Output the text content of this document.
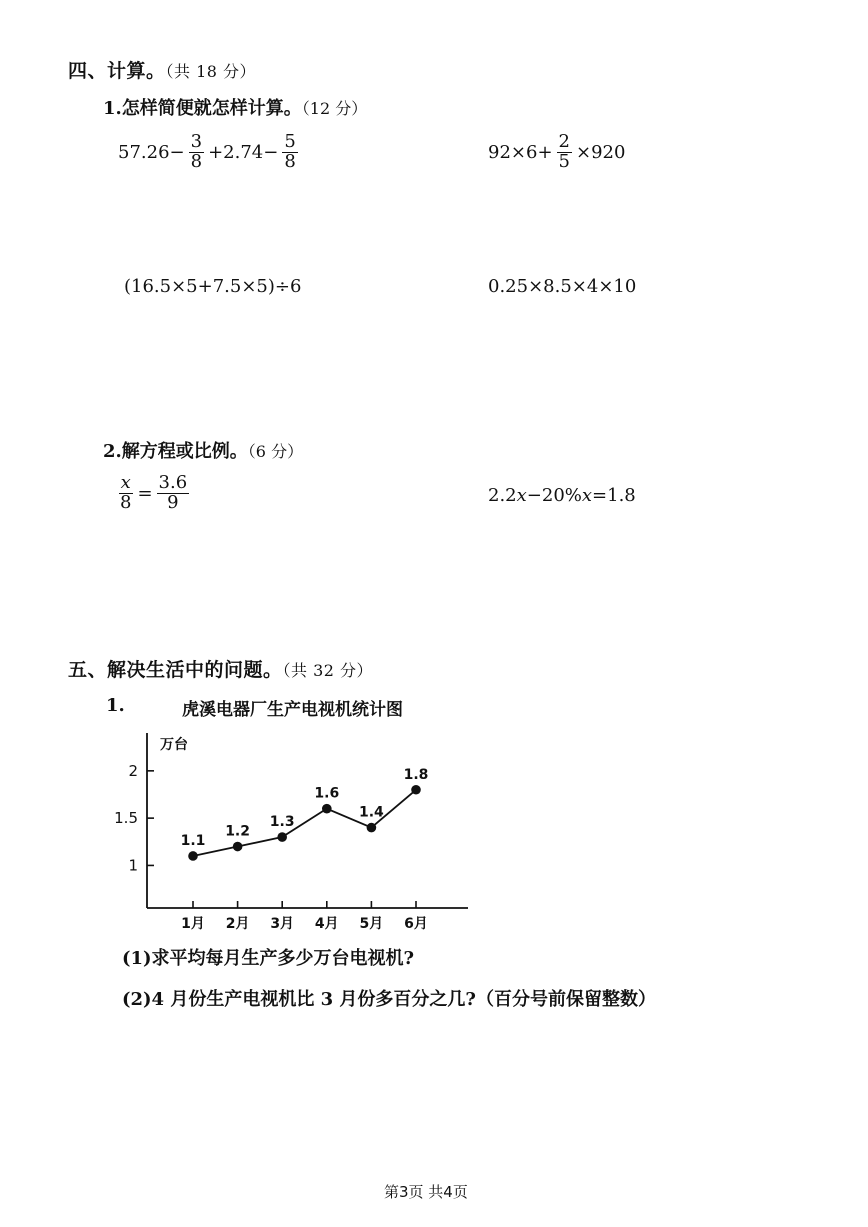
四、计算。（共 18 分）
1.怎样简便就怎样计算。（12 分）
$57.26- \frac{3}{8} +2.74- \frac{5}{8}$	$92\times 6+ \frac{2}{5} \times 920$
(16.5×5+7.5×5)÷6	0.25×8.5×4×10
2.解方程或比例。（6 分）
$\frac{x}{8} = \frac{3.6}{9}$	2.2 x −20% x =1.8
五、解决生活中的问题。（共 32 分）
1.	虎溪电器厂生产电视机统计图
万台
1
1.5
2
1月 2月 3月 4月 5月 6月
1.1
1.2
1.3
1.6
1.4
1.8
(1)求平均每月生产多少万台电视机?
(2)4 月份生产电视机比 3 月份多百分之几?（百分号前保留整数）
第3页 共4页
